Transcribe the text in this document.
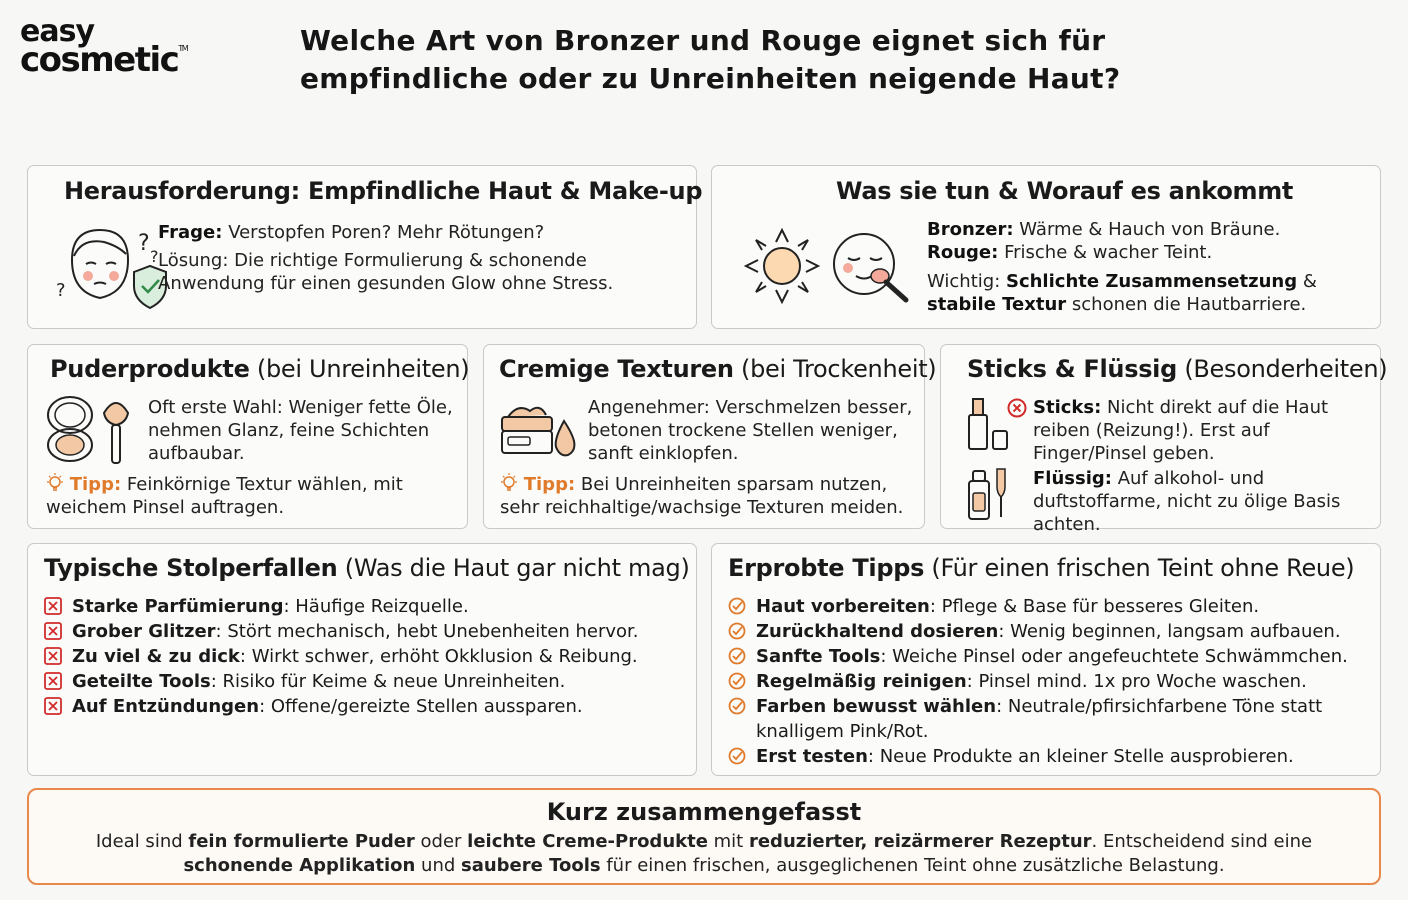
easy
cosmetic™	Welche Art von Bronzer und Rouge eignet sich für
empfindliche oder zu Unreinheiten neigende Haut?
Herausforderung: Empfindliche Haut & Make-up
?
?
?
Frage: Verstopfen Poren? Mehr Rötungen?
Lösung: Die richtige Formulierung & schonende Anwendung für einen gesunden Glow ohne Stress.
Was sie tun & Worauf es ankommt
Bronzer: Wärme & Hauch von Bräune.
Rouge: Frische & wacher Teint.
Wichtig: Schlichte Zusammensetzung & stabile Textur schonen die Hautbarriere.
Puderprodukte (bei Unreinheiten)
Oft erste Wahl: Weniger fette Öle, nehmen Glanz, feine Schichten aufbaubar.
Tipp: Feinkörnige Textur wählen, mit weichem Pinsel auftragen.
Cremige Texturen (bei Trockenheit)
Angenehmer: Verschmelzen besser, betonen trockene Stellen weniger, sanft einklopfen.
Tipp: Bei Unreinheiten sparsam nutzen, sehr reichhaltige/wachsige Texturen meiden.
Sticks & Flüssig (Besonderheiten)
Sticks: Nicht direkt auf die Haut reiben (Reizung!). Erst auf Finger/Pinsel geben.
Flüssig: Auf alkohol- und duftstoffarme, nicht zu ölige Basis achten.
Typische Stolperfallen (Was die Haut gar nicht mag)
Starke Parfümierung: Häufige Reizquelle.
Grober Glitzer: Stört mechanisch, hebt Unebenheiten hervor.
Zu viel & zu dick: Wirkt schwer, erhöht Okklusion & Reibung.
Geteilte Tools: Risiko für Keime & neue Unreinheiten.
Auf Entzündungen: Offene/gereizte Stellen aussparen.
Erprobte Tipps (Für einen frischen Teint ohne Reue)
Haut vorbereiten: Pflege & Base für besseres Gleiten.
Zurückhaltend dosieren: Wenig beginnen, langsam aufbauen.
Sanfte Tools: Weiche Pinsel oder angefeuchtete Schwämmchen.
Regelmäßig reinigen: Pinsel mind. 1x pro Woche waschen.
Farben bewusst wählen: Neutrale/pfirsichfarbene Töne statt
knalligem Pink/Rot.
Erst testen: Neue Produkte an kleiner Stelle ausprobieren.
Kurz zusammengefasst

Ideal sind fein formulierte Puder oder leichte Creme-Produkte mit reduzierter, reizärmerer Rezeptur. Entscheidend sind eine schonende Applikation und saubere Tools für einen frischen, ausgeglichenen Teint ohne zusätzliche Belastung.
